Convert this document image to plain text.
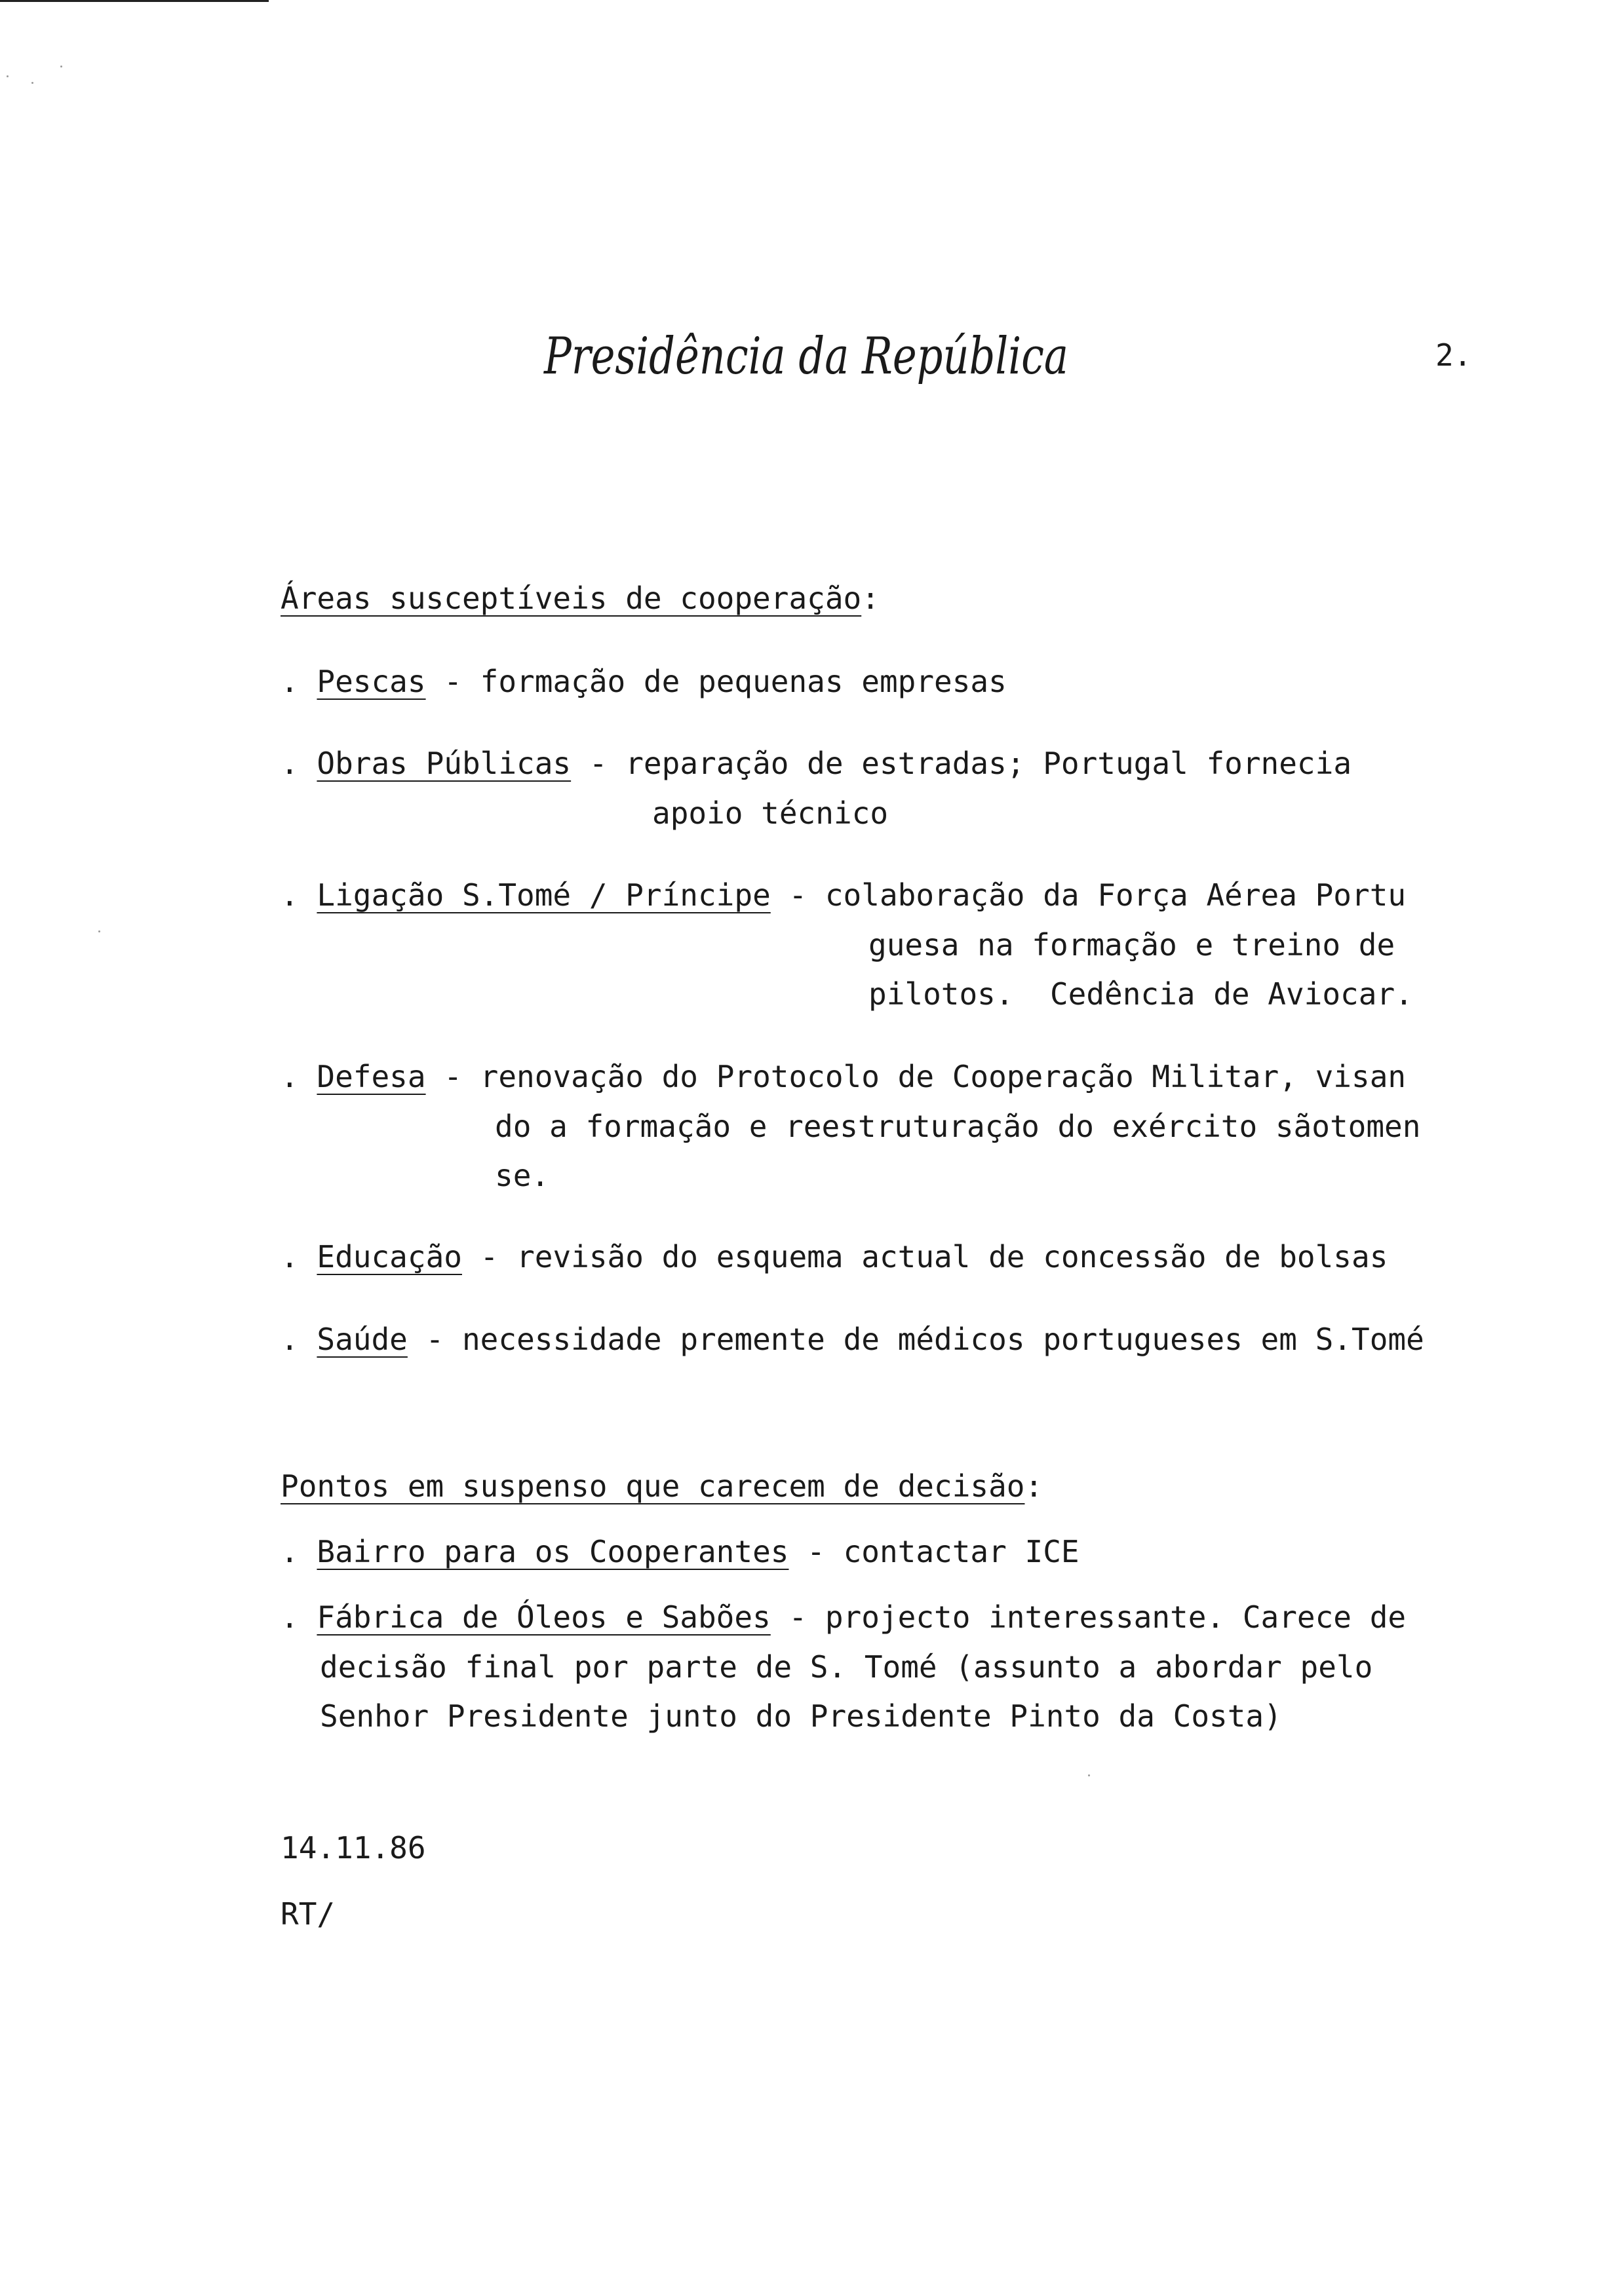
Presidência da República	2.
Áreas susceptíveis de cooperação:
. Pescas - formação de pequenas empresas
. Obras Públicas - reparação de estradas; Portugal fornecia
apoio técnico
. Ligação S.Tomé / Príncipe - colaboração da Força Aérea Portu
guesa na formação e treino de
pilotos.  Cedência de Aviocar.
. Defesa - renovação do Protocolo de Cooperação Militar, visan
do a formação e reestruturação do exército sãotomen
se.
. Educação - revisão do esquema actual de concessão de bolsas
. Saúde - necessidade premente de médicos portugueses em S.Tomé
Pontos em suspenso que carecem de decisão:
. Bairro para os Cooperantes - contactar ICE
. Fábrica de Óleos e Sabões - projecto interessante. Carece de
decisão final por parte de S. Tomé (assunto a abordar pelo
Senhor Presidente junto do Presidente Pinto da Costa)
14.11.86
RT/
